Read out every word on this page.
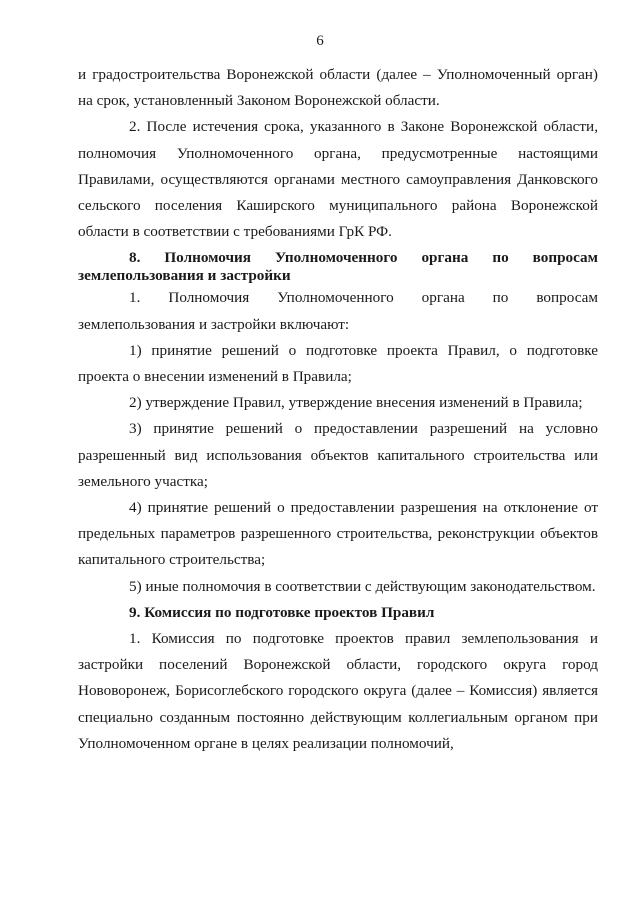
6

и градостроительства Воронежской области (далее – Уполномоченный орган) на срок, установленный Законом Воронежской области.

2. После истечения срока, указанного в Законе Воронежской области, полномочия Уполномоченного органа, предусмотренные настоящими Правилами, осуществляются органами местного самоуправления Данковского сельского поселения Каширского муниципального района Воронежской области в соответствии с требованиями ГрК РФ.

8. Полномочия Уполномоченного органа по вопросам землепользования и застройки

1. Полномочия Уполномоченного органа по вопросам землепользования и застройки включают:

1) принятие решений о подготовке проекта Правил, о подготовке проекта о внесении изменений в Правила;

2) утверждение Правил, утверждение внесения изменений в Правила;

3) принятие решений о предоставлении разрешений на условно разрешенный вид использования объектов капитального строительства или земельного участка;

4) принятие решений о предоставлении разрешения на отклонение от предельных параметров разрешенного строительства, реконструкции объектов капитального строительства;

5) иные полномочия в соответствии с действующим законодательством.

9. Комиссия по подготовке проектов Правил

1. Комиссия по подготовке проектов правил землепользования и застройки поселений Воронежской области, городского округа город Нововоронеж, Борисоглебского городского округа (далее – Комиссия) является специально созданным постоянно действующим коллегиальным органом при Уполномоченном органе в целях реализации полномочий,
